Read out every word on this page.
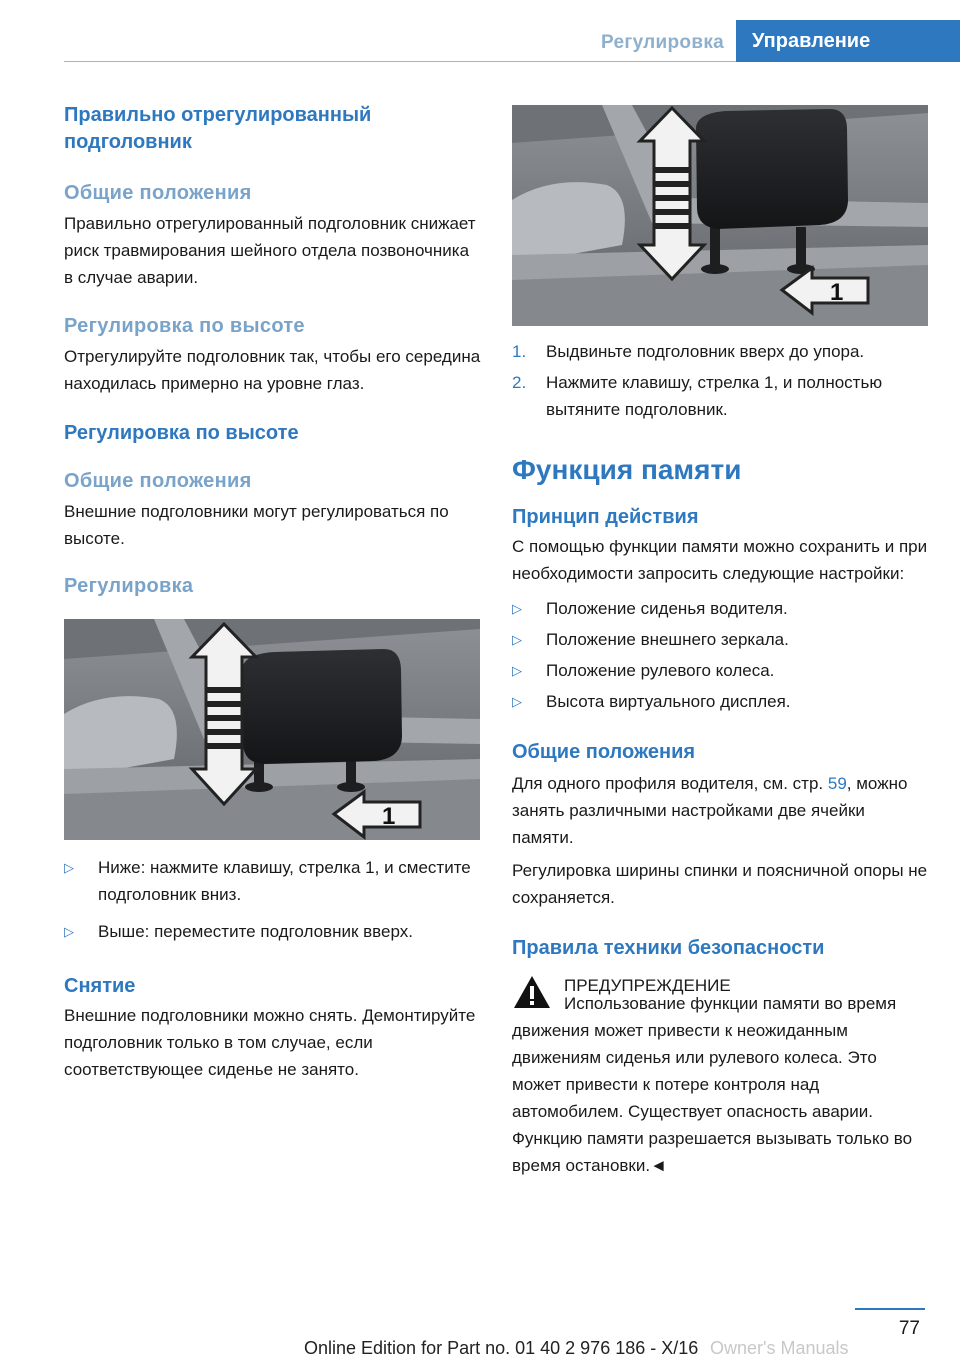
Регулировка Управление
Правильно отрегулированный подголовник
Общие положения
Правильно отрегулированный подголовник снижает риск травмирования шейного отдела позвоночника в случае аварии.
Регулировка по высоте
Отрегулируйте подголовник так, чтобы его середина находилась примерно на уровне глаз.
Регулировка по высоте
Общие положения
Внешние подголовники могут регулироваться по высоте.
Регулировка
1
▷	Ниже: нажмите клавишу, стрелка 1, и сместите подголовник вниз.
▷	Выше: переместите подголовник вверх.
Снятие
Внешние подголовники можно снять. Демонтируйте подголовник только в том случае, если соответствующее сиденье не занято.
1
1.	Выдвиньте подголовник вверх до упора.
2.	Нажмите клавишу, стрелка 1, и полностью вытяните подголовник.
Функция памяти
Принцип действия
С помощью функции памяти можно сохранить и при необходимости запросить следующие настройки:
▷	Положение сиденья водителя.
▷	Положение внешнего зеркала.
▷	Положение рулевого колеса.
▷	Высота виртуального дисплея.
Общие положения
Для одного профиля водителя, см. стр. 59, можно занять различными настройками две ячейки памяти.
Регулировка ширины спинки и поясничной опоры не сохраняется.
Правила техники безопасности
ПРЕДУПРЕЖДЕНИЕ
Использование функции памяти во время движения может привести к неожиданным движениям сиденья или рулевого колеса. Это может привести к потере контроля над автомобилем. Существует опасность аварии. Функцию памяти разрешается вызывать только во время остановки.◄
77
Online Edition for Part no. 01 40 2 976 186 - X/16 Owner's Manuals
